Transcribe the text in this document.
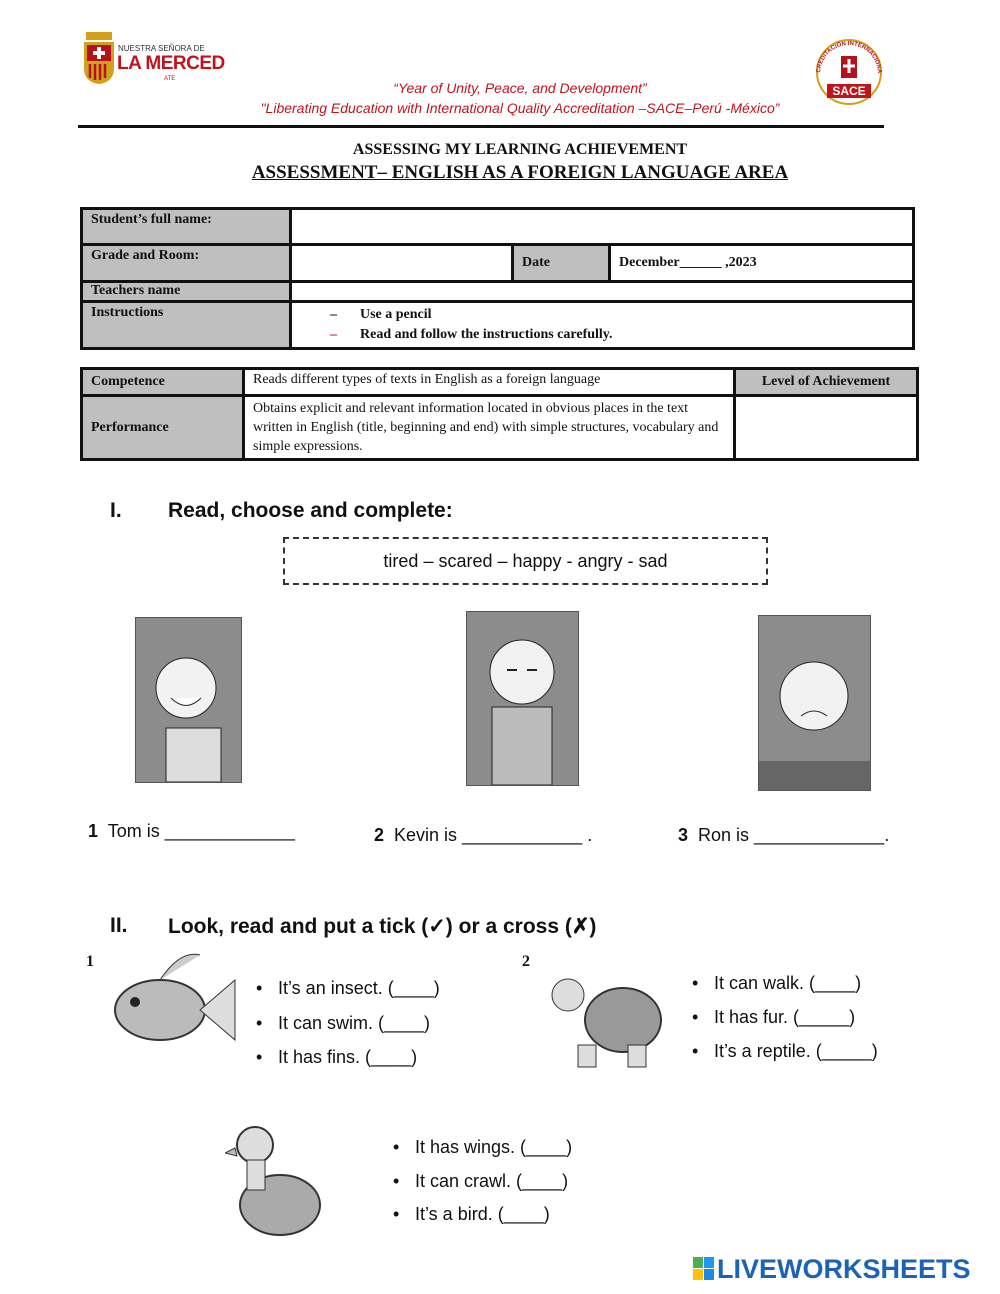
NUESTRA SEÑORA DE
LA MERCED
ATE
CREDITACIÓN INTERNACIONA
SACE
“Year of Unity, Peace, and Development”
"Liberating Education with International Quality Accreditation –SACE–Perú -México”
ASSESSING MY LEARNING ACHIEVEMENT
ASSESSMENT– ENGLISH AS A FOREIGN LANGUAGE AREA
Student’s full name:			
Grade and Room:		Date	December______ ,2023
Teachers name			
Instructions	– Use a pencil
– Read and follow the instructions carefully.		
Competence	Reads different types of texts in English as a foreign language	Level of Achievement
Performance	Obtains explicit and relevant information located in obvious places in the text written in English (title, beginning and end) with simple structures, vocabulary and simple expressions.	
I. Read, choose and complete:
tired – scared – happy - angry - sad
1 Tom is _____________	2 Kevin is ____________ .	3 Ron is _____________.
II. Look, read and put a tick (✓) or a cross (✗)
1
• It’s an insect. (____)
• It can swim. (____)
• It has fins. (____)
2
• It can walk. (____)
• It has fur. (_____)
• It’s a reptile. (_____)
• It has wings. (____)
• It can crawl. (____)
• It’s a bird. (____)
LIVEWORKSHEETS
